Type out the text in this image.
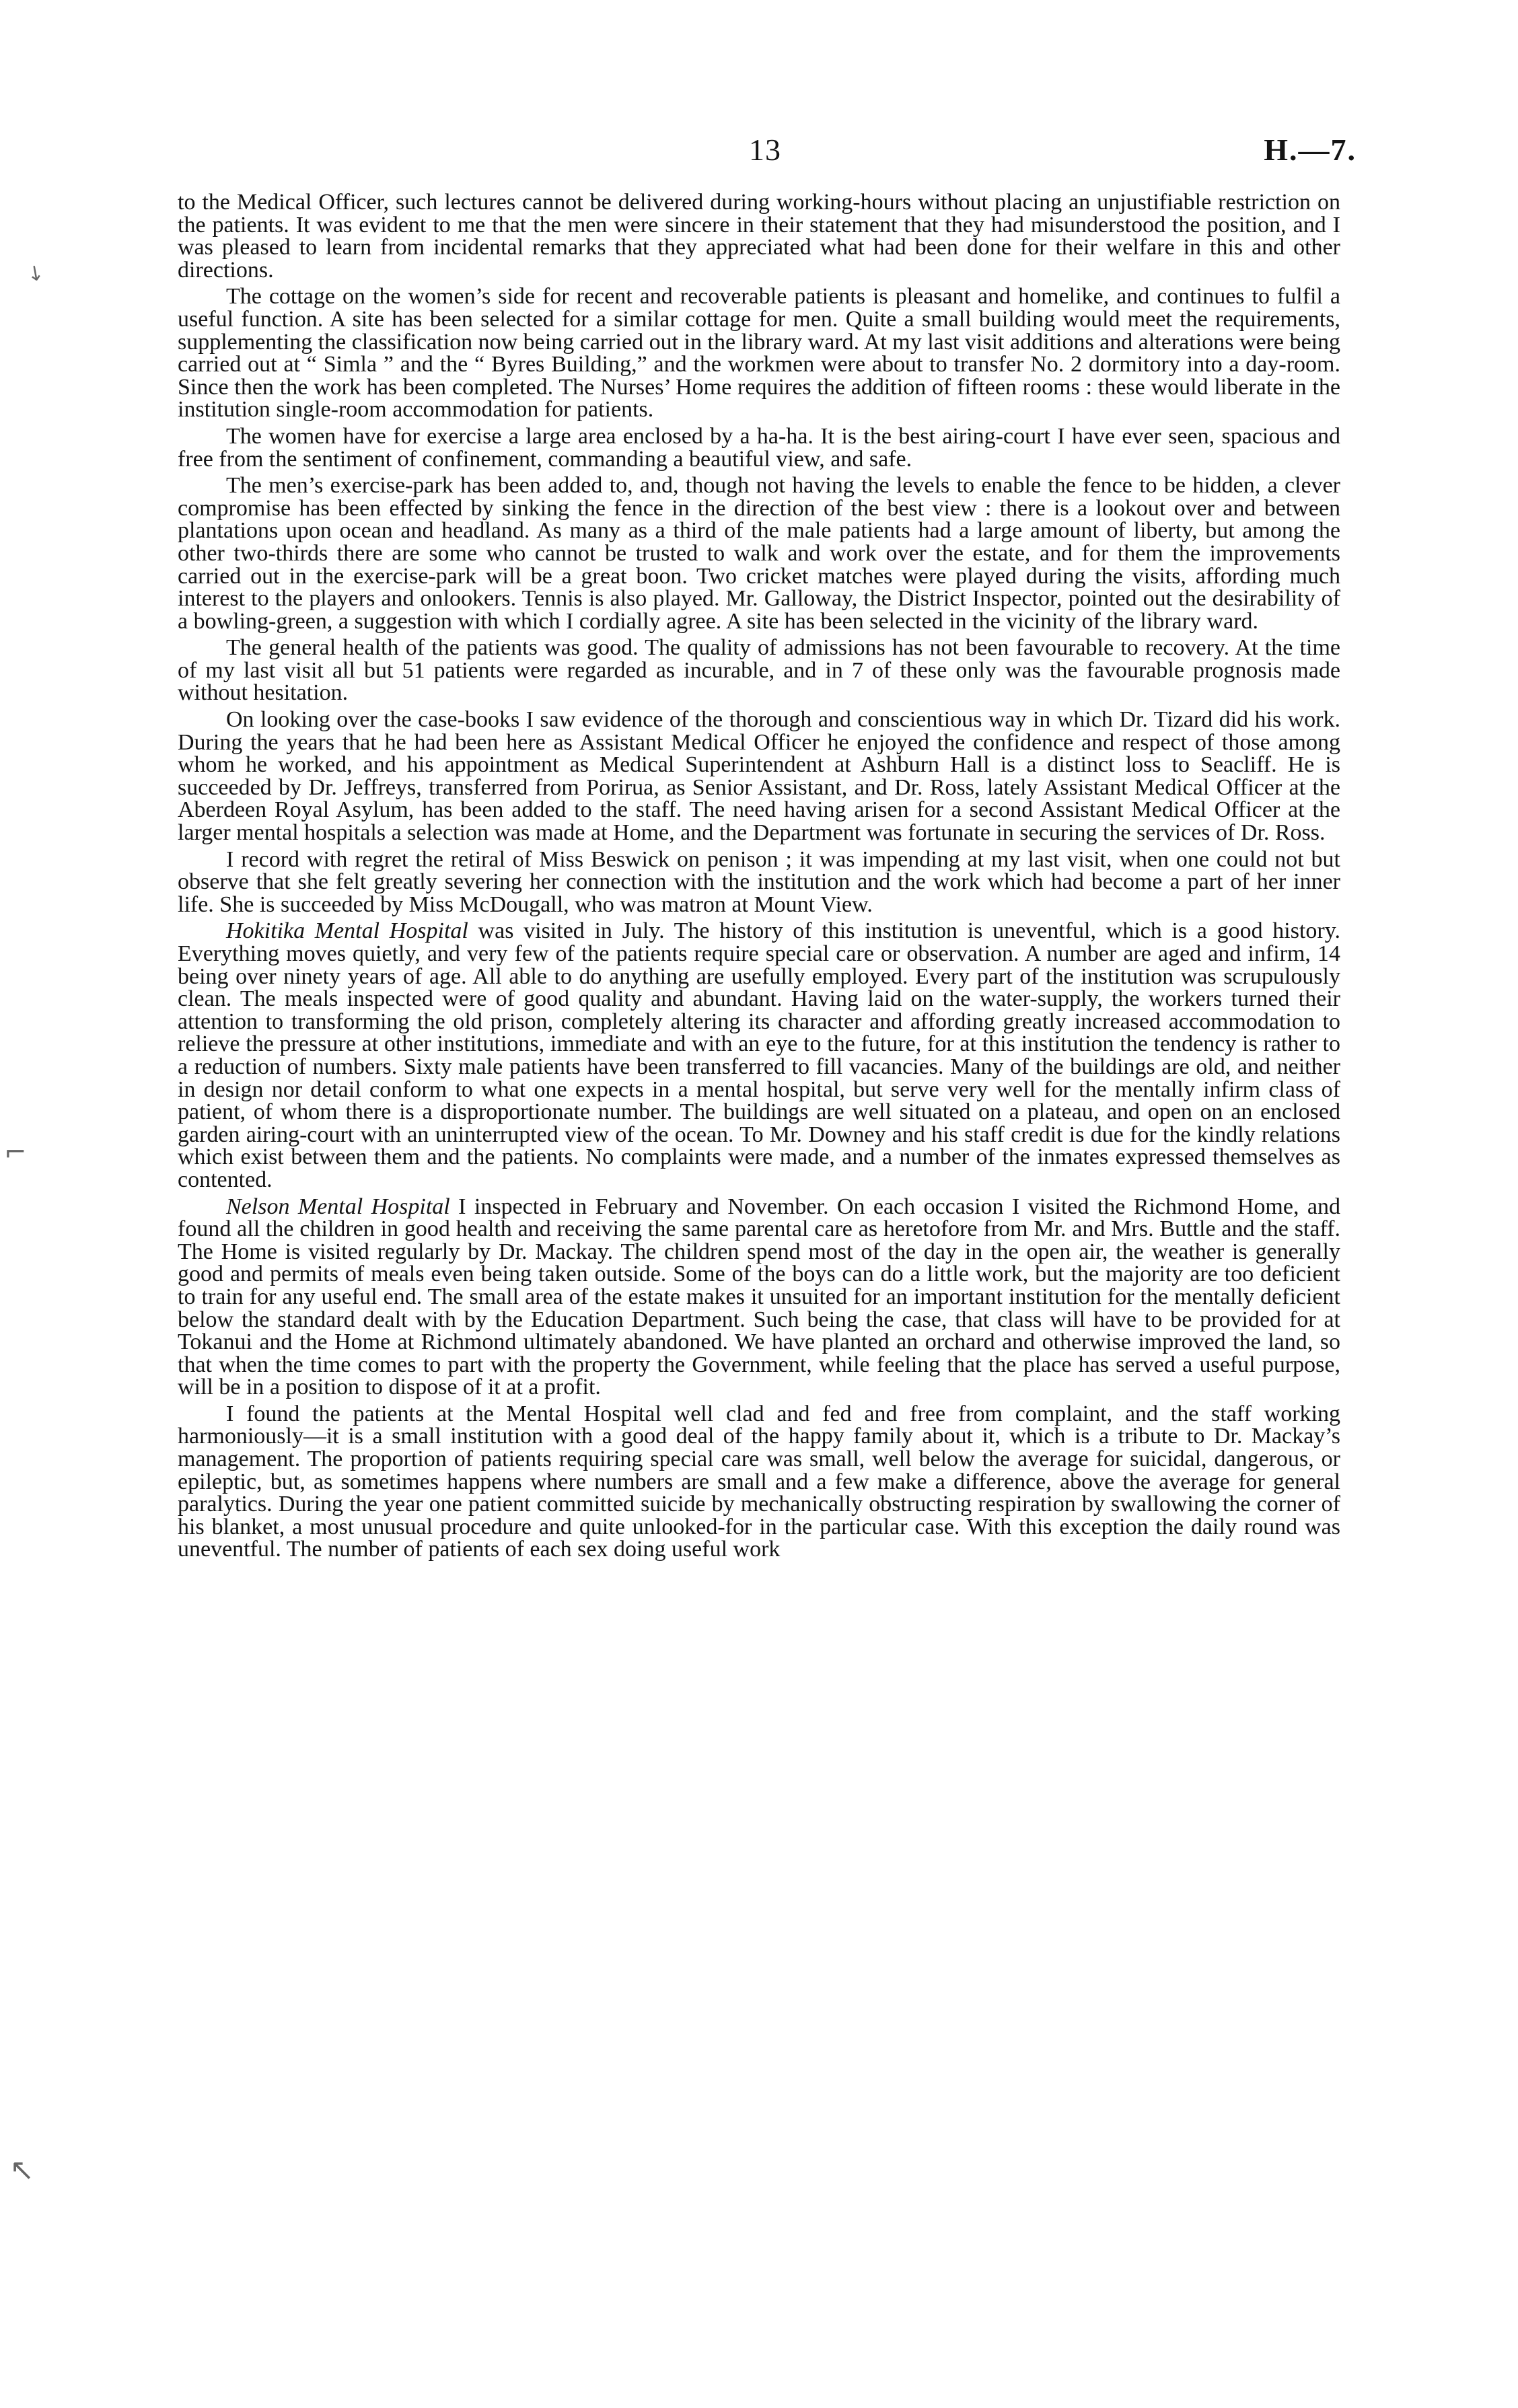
13	H.—7.

to the Medical Officer, such lectures cannot be delivered during working-hours without placing an unjustifiable restriction on the patients. It was evident to me that the men were sincere in their statement that they had misunderstood the position, and I was pleased to learn from incidental remarks that they appreciated what had been done for their welfare in this and other directions.

The cottage on the women’s side for recent and recoverable patients is pleasant and homelike, and continues to fulfil a useful function. A site has been selected for a similar cottage for men. Quite a small building would meet the requirements, supplementing the classification now being carried out in the library ward. At my last visit additions and alterations were being carried out at “ Simla ” and the “ Byres Building,” and the workmen were about to transfer No. 2 dormitory into a day-room. Since then the work has been completed. The Nurses’ Home requires the addition of fifteen rooms : these would liberate in the institution single-room accommodation for patients.

The women have for exercise a large area enclosed by a ha-ha. It is the best airing-court I have ever seen, spacious and free from the sentiment of confinement, commanding a beautiful view, and safe.

The men’s exercise-park has been added to, and, though not having the levels to enable the fence to be hidden, a clever compromise has been effected by sinking the fence in the direction of the best view : there is a lookout over and between plantations upon ocean and headland. As many as a third of the male patients had a large amount of liberty, but among the other two-thirds there are some who cannot be trusted to walk and work over the estate, and for them the improvements carried out in the exercise-park will be a great boon. Two cricket matches were played during the visits, affording much interest to the players and onlookers. Tennis is also played. Mr. Galloway, the District Inspector, pointed out the desirability of a bowling-green, a suggestion with which I cordially agree. A site has been selected in the vicinity of the library ward.

The general health of the patients was good. The quality of admissions has not been favourable to recovery. At the time of my last visit all but 51 patients were regarded as incurable, and in 7 of these only was the favourable prognosis made without hesitation.

On looking over the case-books I saw evidence of the thorough and conscientious way in which Dr. Tizard did his work. During the years that he had been here as Assistant Medical Officer he enjoyed the confidence and respect of those among whom he worked, and his appointment as Medical Superintendent at Ashburn Hall is a distinct loss to Seacliff. He is succeeded by Dr. Jeffreys, transferred from Porirua, as Senior Assistant, and Dr. Ross, lately Assistant Medical Officer at the Aberdeen Royal Asylum, has been added to the staff. The need having arisen for a second Assistant Medical Officer at the larger mental hospitals a selection was made at Home, and the Department was fortunate in securing the services of Dr. Ross.

I record with regret the retiral of Miss Beswick on penison ; it was impending at my last visit, when one could not but observe that she felt greatly severing her connection with the institution and the work which had become a part of her inner life. She is succeeded by Miss McDougall, who was matron at Mount View.

Hokitika Mental Hospital was visited in July. The history of this institution is uneventful, which is a good history. Everything moves quietly, and very few of the patients require special care or observation. A number are aged and infirm, 14 being over ninety years of age. All able to do anything are usefully employed. Every part of the institution was scrupulously clean. The meals inspected were of good quality and abundant. Having laid on the water-supply, the workers turned their attention to transforming the old prison, completely altering its character and affording greatly increased accommodation to relieve the pressure at other institutions, immediate and with an eye to the future, for at this institution the tendency is rather to a reduction of numbers. Sixty male patients have been transferred to fill vacancies. Many of the buildings are old, and neither in design nor detail conform to what one expects in a mental hospital, but serve very well for the mentally infirm class of patient, of whom there is a disproportionate number. The buildings are well situated on a plateau, and open on an enclosed garden airing-court with an uninterrupted view of the ocean. To Mr. Downey and his staff credit is due for the kindly relations which exist between them and the patients. No complaints were made, and a number of the inmates expressed themselves as contented.

Nelson Mental Hospital I inspected in February and November. On each occasion I visited the Richmond Home, and found all the children in good health and receiving the same parental care as heretofore from Mr. and Mrs. Buttle and the staff. The Home is visited regularly by Dr. Mackay. The children spend most of the day in the open air, the weather is generally good and permits of meals even being taken outside. Some of the boys can do a little work, but the majority are too deficient to train for any useful end. The small area of the estate makes it unsuited for an important institution for the mentally deficient below the standard dealt with by the Education Department. Such being the case, that class will have to be provided for at Tokanui and the Home at Richmond ultimately abandoned. We have planted an orchard and otherwise improved the land, so that when the time comes to part with the property the Government, while feeling that the place has served a useful purpose, will be in a position to dispose of it at a profit.

I found the patients at the Mental Hospital well clad and fed and free from complaint, and the staff working harmoniously—it is a small institution with a good deal of the happy family about it, which is a tribute to Dr. Mackay’s management. The proportion of patients requiring special care was small, well below the average for suicidal, dangerous, or epileptic, but, as sometimes happens where numbers are small and a few make a difference, above the average for general paralytics. During the year one patient committed suicide by mechanically obstructing respiration by swallowing the corner of his blanket, a most unusual procedure and quite unlooked-for in the particular case. With this exception the daily round was uneventful. The number of patients of each sex doing useful work

↘
⌐
↖
